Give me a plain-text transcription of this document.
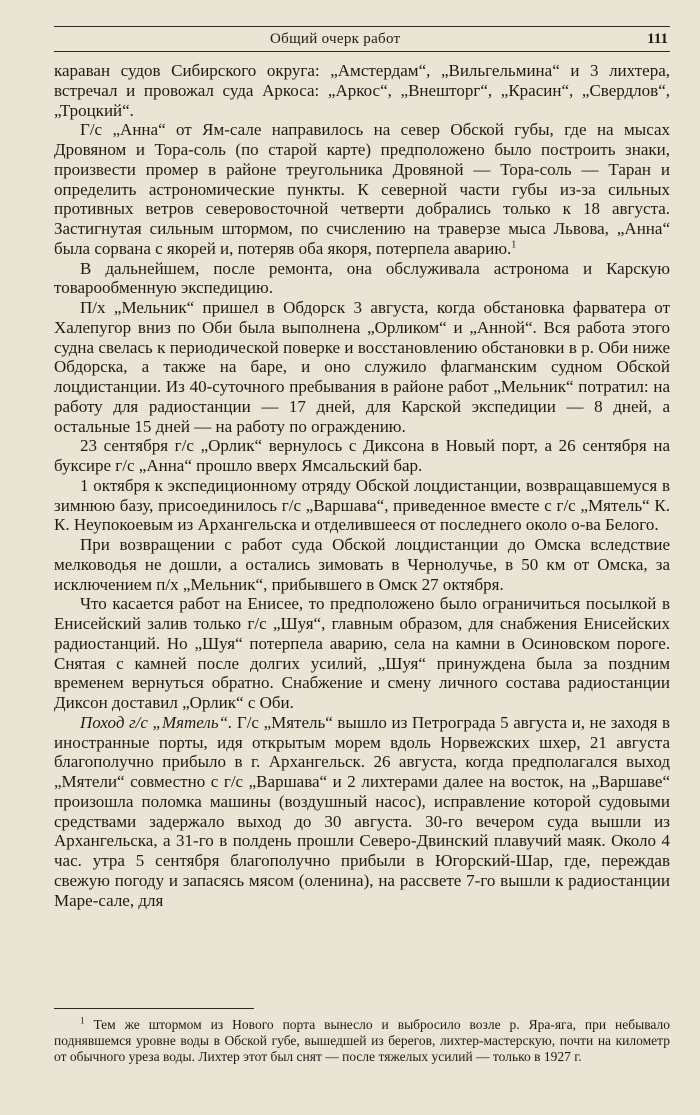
Общий очерк работ	111

караван судов Сибирского округа: „Амстердам“, „Вильгельмина“ и 3 лихтера, встречал и провожал суда Аркоса: „Аркос“, „Внешторг“, „Красин“, „Свердлов“, „Троцкий“.

Г/с „Анна“ от Ям-сале направилось на север Обской губы, где на мысах Дровяном и Тора-соль (по старой карте) предположено было построить знаки, произвести промер в районе треугольника Дровяной — Тора-соль — Таран и определить астрономические пункты. К северной части губы из-за сильных противных ветров северовосточной четверти добрались только к 18 августа. Застигнутая сильным штормом, по счислению на траверзе мыса Львова, „Анна“ была сорвана с якорей и, потеряв оба якоря, потерпела аварию.$^1$

В дальнейшем, после ремонта, она обслуживала астронома и Карскую товарообменную экспедицию.

П/х „Мельник“ пришел в Обдорск 3 августа, когда обстановка фарватера от Халепугор вниз по Оби была выполнена „Орликом“ и „Анной“. Вся работа этого судна свелась к периодической поверке и восстановлению обстановки в р. Оби ниже Обдорска, а также на баре, и оно служило флагманским судном Обской лоцдистанции. Из 40-суточного пребывания в районе работ „Мельник“ потратил: на работу для радиостанции — 17 дней, для Карской экспедиции — 8 дней, а остальные 15 дней — на работу по ограждению.

23 сентября г/с „Орлик“ вернулось с Диксона в Новый порт, а 26 сентября на буксире г/с „Анна“ прошло вверх Ямсальский бар.

1 октября к экспедиционному отряду Обской лоцдистанции, возвращавшемуся в зимнюю базу, присоединилось г/с „Варшава“, приведенное вместе с г/с „Мятель“ К. К. Неупокоевым из Архангельска и отделившееся от последнего около о-ва Белого.

При возвращении с работ суда Обской лоцдистанции до Омска вследствие мелководья не дошли, а остались зимовать в Чернолучье, в 50 км от Омска, за исключением п/х „Мельник“, прибывшего в Омск 27 октября.

Что касается работ на Енисее, то предположено было ограничиться посылкой в Енисейский залив только г/с „Шуя“, главным образом, для снабжения Енисейских радиостанций. Но „Шуя“ потерпела аварию, села на камни в Осиновском пороге. Снятая с камней после долгих усилий, „Шуя“ принуждена была за поздним временем вернуться обратно. Снабжение и смену личного состава радиостанции Диксон доставил „Орлик“ с Оби.

Поход г/с „Мятель“. Г/с „Мятель“ вышло из Петрограда 5 августа и, не заходя в иностранные порты, идя открытым морем вдоль Норвежских шхер, 21 августа благополучно прибыло в г. Архангельск. 26 августа, когда предполагался выход „Мятели“ совместно с г/с „Варшава“ и 2 лихтерами далее на восток, на „Варшаве“ произошла поломка машины (воздушный насос), исправление которой судовыми средствами задержало выход до 30 августа. 30-го вечером суда вышли из Архангельска, а 31-го в полдень прошли Северо-Двинский плавучий маяк. Около 4 час. утра 5 сентября благополучно прибыли в Югорский-Шар, где, переждав свежую погоду и запасясь мясом (оленина), на рассвете 7-го вышли к радиостанции Маре-сале, для

$^1$ Тем же штормом из Нового порта вынесло и выбросило возле р. Яра-яга, при небывало поднявшемся уровне воды в Обской губе, вышедшей из берегов, лихтер-мастерскую, почти на километр от обычного уреза воды. Лихтер этот был снят — после тяжелых усилий — только в 1927 г.
